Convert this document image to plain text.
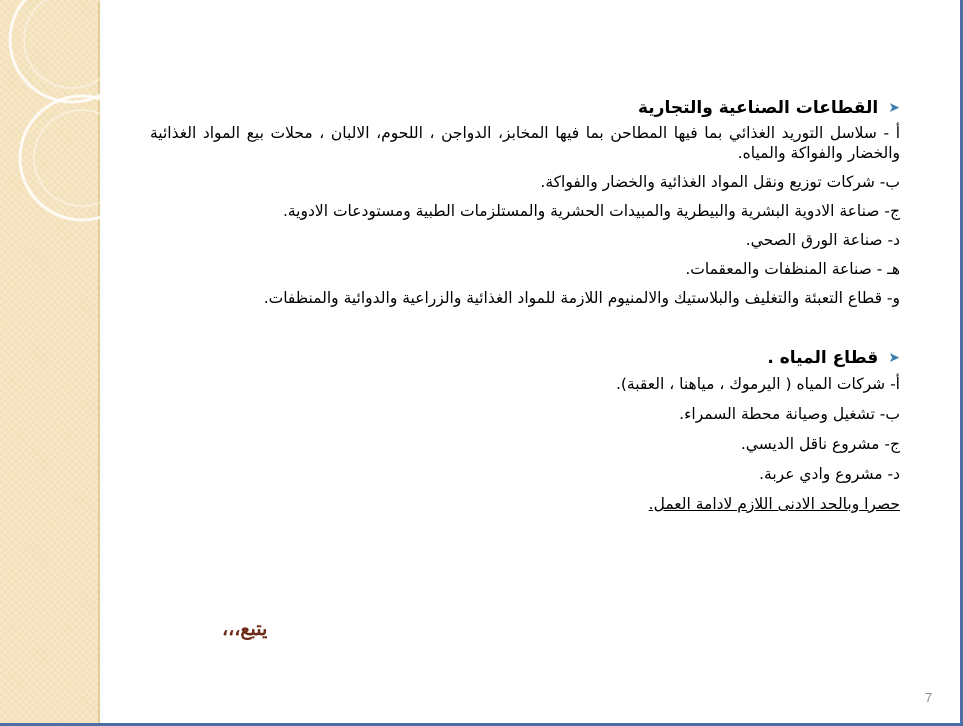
➤
القطاعات الصناعية والتجارية

أ - سلاسل التوريد الغذائي بما فيها المطاحن بما فيها المخابز، الدواجن ، اللحوم، الالبان ، محلات بيع المواد الغذائية والخضار والفواكة والمياه.

ب- شركات توزيع ونقل المواد الغذائية والخضار والفواكة.

ج- صناعة الادوية البشرية والبيطرية والمبيدات الحشرية والمستلزمات الطبية ومستودعات الادوية.

د- صناعة الورق الصحي.

هـ - صناعة المنظفات والمعقمات.

و- قطاع التعبئة والتغليف والبلاستيك والالمنيوم اللازمة للمواد الغذائية والزراعية والدوائية والمنظفات.

➤
قطاع المياه .

أ- شركات المياه ( اليرموك ، مياهنا ، العقبة).

ب- تشغيل وصيانة محطة السمراء.

ج- مشروع ناقل الديسي.

د- مشروع وادي عربة.

حصرا وبالحد الادنى اللازم لادامة العمل.

يتبع،،،
7
